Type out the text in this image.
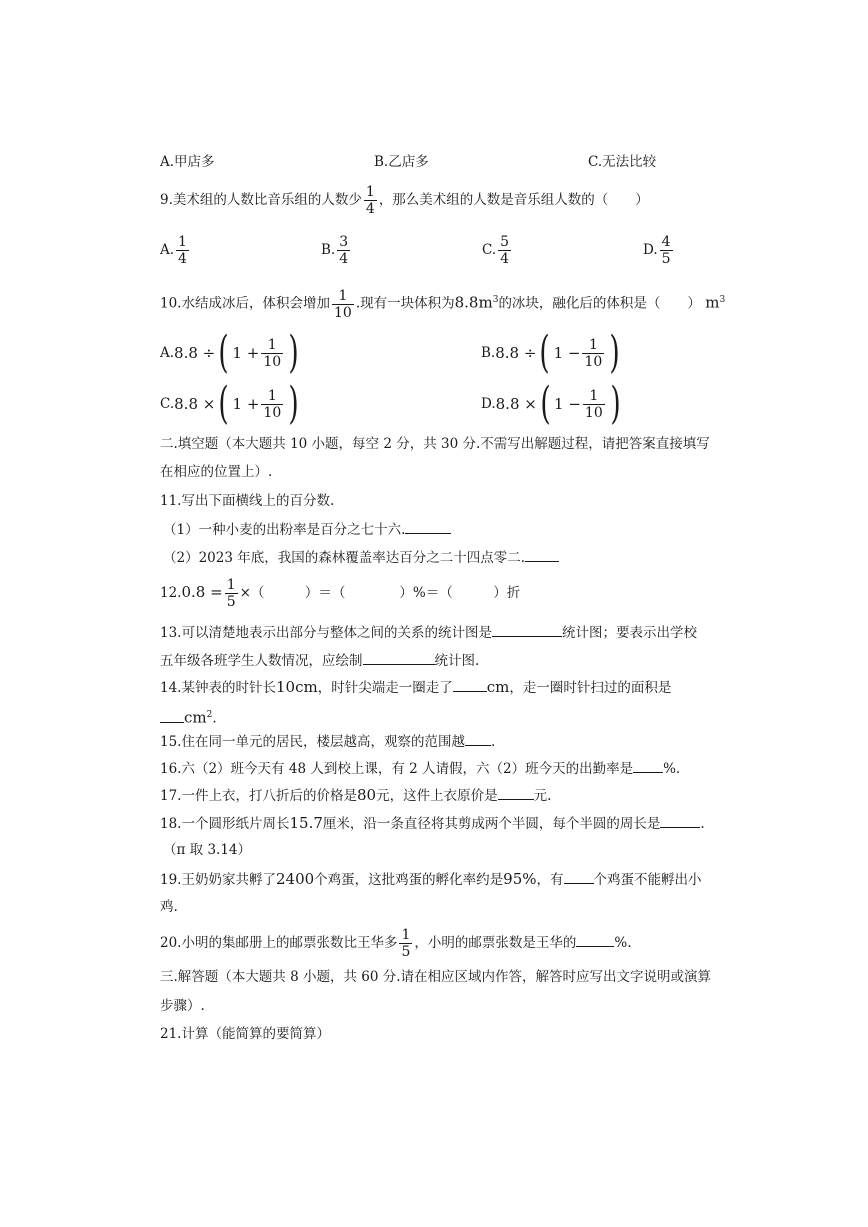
A.甲店多	B.乙店多	C.无法比较
9.美术组的人数比音乐组的人数少 $\frac{1}{4}$ ，那么美术组的人数是音乐组人数的（　　）
A. $\frac{1}{4}$	B. $\frac{3}{4}$	C. $\frac{5}{4}$	D. $\frac{4}{5}$
10.水结成冰后，体积会增加 $\frac{1}{10}$ .现有一块体积为$8.8m^3$的冰块，融化后的体积是（　　） $m^3$
A. 8.8 ÷ ( $1 + \frac{1}{10}$ )	B. 8.8 ÷ ( $1 - \frac{1}{10}$ )
C. 8.8 × ( $1 + \frac{1}{10}$ )	D. 8.8 × ( $1 - \frac{1}{10}$ )
二.填空题（本大题共 10 小题，每空 2 分，共 30 分.不需写出解题过程，请把答案直接填写
在相应的位置上）.
11.写出下面横线上的百分数.
（1）一种小麦的出粉率是百分之七十六.
（2）2023 年底，我国的森林覆盖率达百分之二十四点零二.
$12.0.8 = \frac{1}{5}$ ×（　　　）＝（　　　　）%＝（　　　）折
13.可以清楚地表示出部分与整体之间的关系的统计图是	统计图；要表示出学校
五年级各班学生人数情况，应绘制	统计图.
14.某钟表的时针长10cm，时针尖端走一圈走了 cm，走一圈时针扫过的面积是
$cm^2$.
15.住在同一单元的居民，楼层越高，观察的范围越 .
16.六（2）班今天有 48 人到校上课，有 2 人请假，六（2）班今天的出勤率是 %.
17.一件上衣，打八折后的价格是80元，这件上衣原价是	元.
18.一个圆形纸片周长15.7厘米，沿一条直径将其剪成两个半圆，每个半圆的周长是	.
（π 取 3.14）
19.王奶奶家共孵了2400个鸡蛋，这批鸡蛋的孵化率约是95%，有 个鸡蛋不能孵出小
鸡.
20.小明的集邮册上的邮票张数比王华多 $\frac{1}{5}$ ，小明的邮票张数是王华的	%.
三.解答题（本大题共 8 小题，共 60 分.请在相应区域内作答，解答时应写出文字说明或演算
步骤）.
21.计算（能简算的要简算）
